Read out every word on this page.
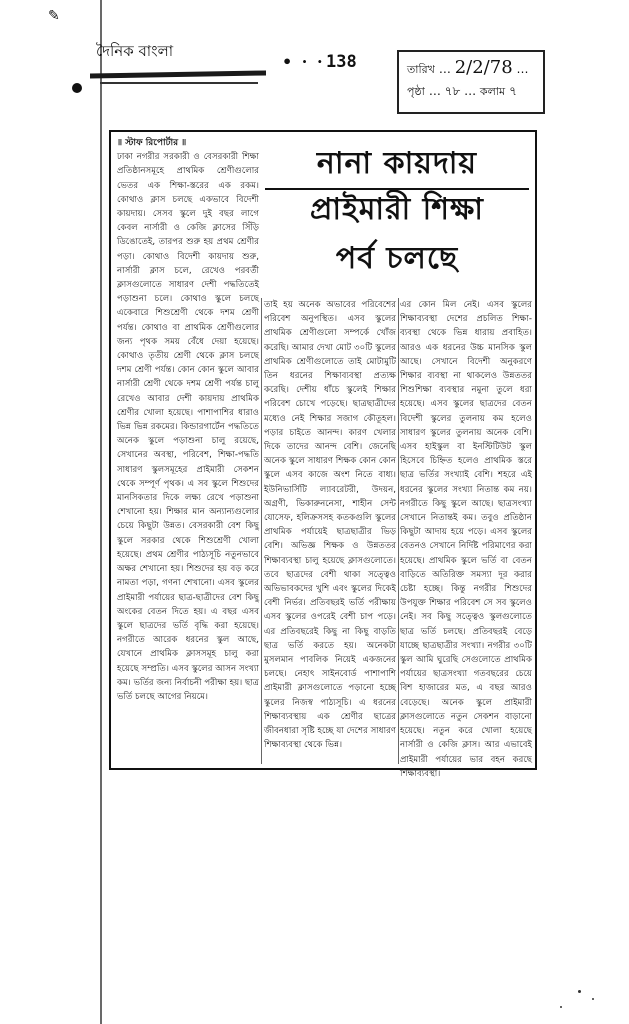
✎
দৈনিক বাংলা
• · · 138	তারিখ … 2/2/78 …
পৃষ্ঠা … ৭৮ … কলাম ৭

॥ স্টাফ রিপোর্টার ॥

ঢাকা নগরীর সরকারী ও বেসরকারী শিক্ষা প্রতিষ্ঠানসমূহে প্রাথমিক শ্রেণীগুলোর ভেতর এক শিক্ষা-স্তরের এক রকম। কোথাও ক্লাস চলছে একভাবে বিদেশী কায়দায়। সেসব স্কুলে দুই বছর লাগে কেবল নার্সারী ও কেজি ক্লাসের সিঁড়ি ডিঙোতেই, তারপর শুরু হয় প্রথম শ্রেণীর পড়া। কোথাও বিদেশী কায়দায় শুরু, নার্সারী ক্লাস চলে, রেখেও পরবর্তী ক্লাসগুলোতে সাধারণ দেশী পদ্ধতিতেই পড়াশুনা চলে। কোথাও স্কুলে চলছে একেবারে শিশুশ্রেণী থেকে দশম শ্রেণী পর্যন্ত। কোথাও বা প্রাথমিক শ্রেণীগুলোর জন্য পৃথক সময় বেঁধে দেয়া হয়েছে। কোথাও তৃতীয় শ্রেণী থেকে ক্লাস চলছে দশম শ্রেণী পর্যন্ত। কোন কোন স্কুলে আবার নার্সারী শ্রেণী থেকে দশম শ্রেণী পর্যন্ত চালু রেখেও আবার দেশী কায়দায় প্রাথমিক শ্রেণীর খোলা হয়েছে। পাশাপাশির ধারাও ভিন্ন ভিন্ন রকমের। কিন্ডারগার্টেন পদ্ধতিতে অনেক স্কুলে পড়াশুনা চালু রয়েছে, সেখানের অবস্থা, পরিবেশ, শিক্ষা-পদ্ধতি সাধারণ স্কুলসমূহের প্রাইমারী সেকশন থেকে সম্পূর্ণ পৃথক। এ সব স্কুলে শিশুদের মানসিকতার দিকে লক্ষ্য রেখে পড়াশুনা শেখানো হয়। শিক্ষার মান অন্যান্যগুলোর চেয়ে কিছুটা উন্নত। বেসরকারী বেশ কিছু স্কুলে সরকার থেকে শিশুশ্রেণী খোলা হয়েছে। প্রথম শ্রেণীর পাঠ্যসূচি নতুনভাবে অক্ষর শেখানো হয়। শিশুদের হয় বড় করে নামতা পড়া, গণনা শেখানো। এসব স্কুলের প্রাইমারী পর্যায়ের ছাত্র-ছাত্রীদের বেশ কিছু অংকের বেতন দিতে হয়। এ বছর এসব স্কুলে ছাত্রদের ভর্তি বৃদ্ধি করা হয়েছে। নগরীতে আরেক ধরনের স্কুল আছে, যেখানে প্রাথমিক ক্লাসসমূহ চালু করা হয়েছে সম্প্রতি। এসব স্কুলের আসন সংখ্যা কম। ভর্তির জন্য নির্বাচনী পরীক্ষা হয়। ছাত্র ভর্তি চলছে আগের নিয়মে।

নানা কায়দায়
প্রাইমারী শিক্ষা
পর্ব চলছে

তাই হয় অনেক অভাবের পরিবেশের পরিবেশ অনুপস্থিত। এসব স্কুলের প্রাথমিক শ্রেণীগুলো সম্পর্কে খোঁজ করেছি। আমার দেখা মোট ৩০টি স্কুলের প্রাথমিক শ্রেণীগুলোতে তাই মোটামুটি তিন ধরনের শিক্ষাব্যবস্থা প্রত্যক্ষ করেছি। দেশীয় ধাঁচে স্কুলেই শিক্ষার পরিবেশ চোখে পড়েছে। ছাত্রছাত্রীদের মধ্যেও নেই শিক্ষার সজাগ কৌতূহল। পড়ার চাইতে আনন্দ। কারণ খেলার দিকে তাদের আনন্দ বেশি। জেনেছি অনেক স্কুলে সাধারণ শিক্ষক কোন কোন স্কুলে এসব কাজে অংশ নিতে বাধ্য। ইউনিভার্সিটি ল্যাবরেটরী, উদয়ন, অগ্রণী, ভিকারুননেসা, শাহীন সেন্ট যোসেফ, হলিক্রসসহ কতকগুলি স্কুলের প্রাথমিক পর্যায়েই ছাত্রছাত্রীর ভিড় বেশি। অভিজ্ঞ শিক্ষক ও উন্নততর শিক্ষাব্যবস্থা চালু হয়েছে ক্লাসগুলোতে। তবে ছাত্রদের বেশী থাকা সত্ত্বেও অভিভাবকদের খুশি এবং স্কুলের দিকেই বেশী নির্ভর। প্রতিবছরই ভর্তি পরীক্ষায় এসব স্কুলের ওপরেই বেশী চাপ পড়ে। এর প্রতিবছরেই কিছু না কিছু বাড়তি ছাত্র ভর্তি করতে হয়। অনেকটা মুসলমান পাবলিক নিয়েই একজনের চলছে। নেহাৎ সাইনবোর্ড পাশাপাশি প্রাইমারী ক্লাসগুলোতে পড়ানো হচ্ছে স্কুলের নিজস্ব পাঠ্যসূচি। এ ধরনের শিক্ষাব্যবস্থায় এক শ্রেণীর ছাত্রের জীবনধারা সৃষ্টি হচ্ছে যা দেশের সাধারণ শিক্ষাব্যবস্থা থেকে ভিন্ন।

এর কোন মিল নেই। এসব স্কুলের শিক্ষাব্যবস্থা দেশের প্রচলিত শিক্ষা-ব্যবস্থা থেকে ভিন্ন ধারায় প্রবাহিত। আরও এক ধরনের উচ্চ মানসিক স্কুল আছে। সেখানে বিদেশী অনুকরণে শিক্ষার ব্যবস্থা না থাকলেও উন্নততর শিশুশিক্ষা ব্যবস্থার নমুনা তুলে ধরা হয়েছে। এসব স্কুলের ছাত্রদের বেতন বিদেশী স্কুলের তুলনায় কম হলেও সাধারণ স্কুলের তুলনায় অনেক বেশি। এসব হাইস্কুল বা ইনস্টিটিউট স্কুল হিসেবে চিহ্নিত হলেও প্রাথমিক স্তরে ছাত্র ভর্তির সংখ্যাই বেশি। শহরে এই ধরনের স্কুলের সংখ্যা নিতান্ত কম নয়। নগরীতে কিছু স্কুলে আছে। ছাত্রসংখ্যা সেখানে নিতান্তই কম। তবুও প্রতিষ্ঠান কিছুটা আদায় হয়ে পড়ে। এসব স্কুলের বেতনও সেখানে নির্দিষ্ট পরিমাণের করা হয়েছে। প্রাথমিক স্কুলে ভর্তি বা বেতন বাড়িতে অতিরিক্ত সমস্যা দূর করার চেষ্টা হচ্ছে। কিন্তু নগরীর শিশুদের উপযুক্ত শিক্ষার পরিবেশ সে সব স্কুলেও নেই। সব কিছু সত্ত্বেও স্কুলগুলোতে ছাত্র ভর্তি চলছে। প্রতিবছরই বেড়ে যাচ্ছে ছাত্রছাত্রীর সংখ্যা। নগরীর ৩০টি স্কুল আমি ঘুরেছি সেগুলোতে প্রাথমিক পর্যায়ের ছাত্রসংখ্যা গতবছরের চেয়ে বিশ হাজারের মত, এ বছর আরও বেড়েছে। অনেক স্কুলে প্রাইমারী ক্লাসগুলোতে নতুন সেকশন বাড়ানো হয়েছে। নতুন করে খোলা হয়েছে নার্সারী ও কেজি ক্লাস। আর এভাবেই প্রাইমারী পর্যায়ের ভার বহন করছে শিক্ষাব্যবস্থা।
